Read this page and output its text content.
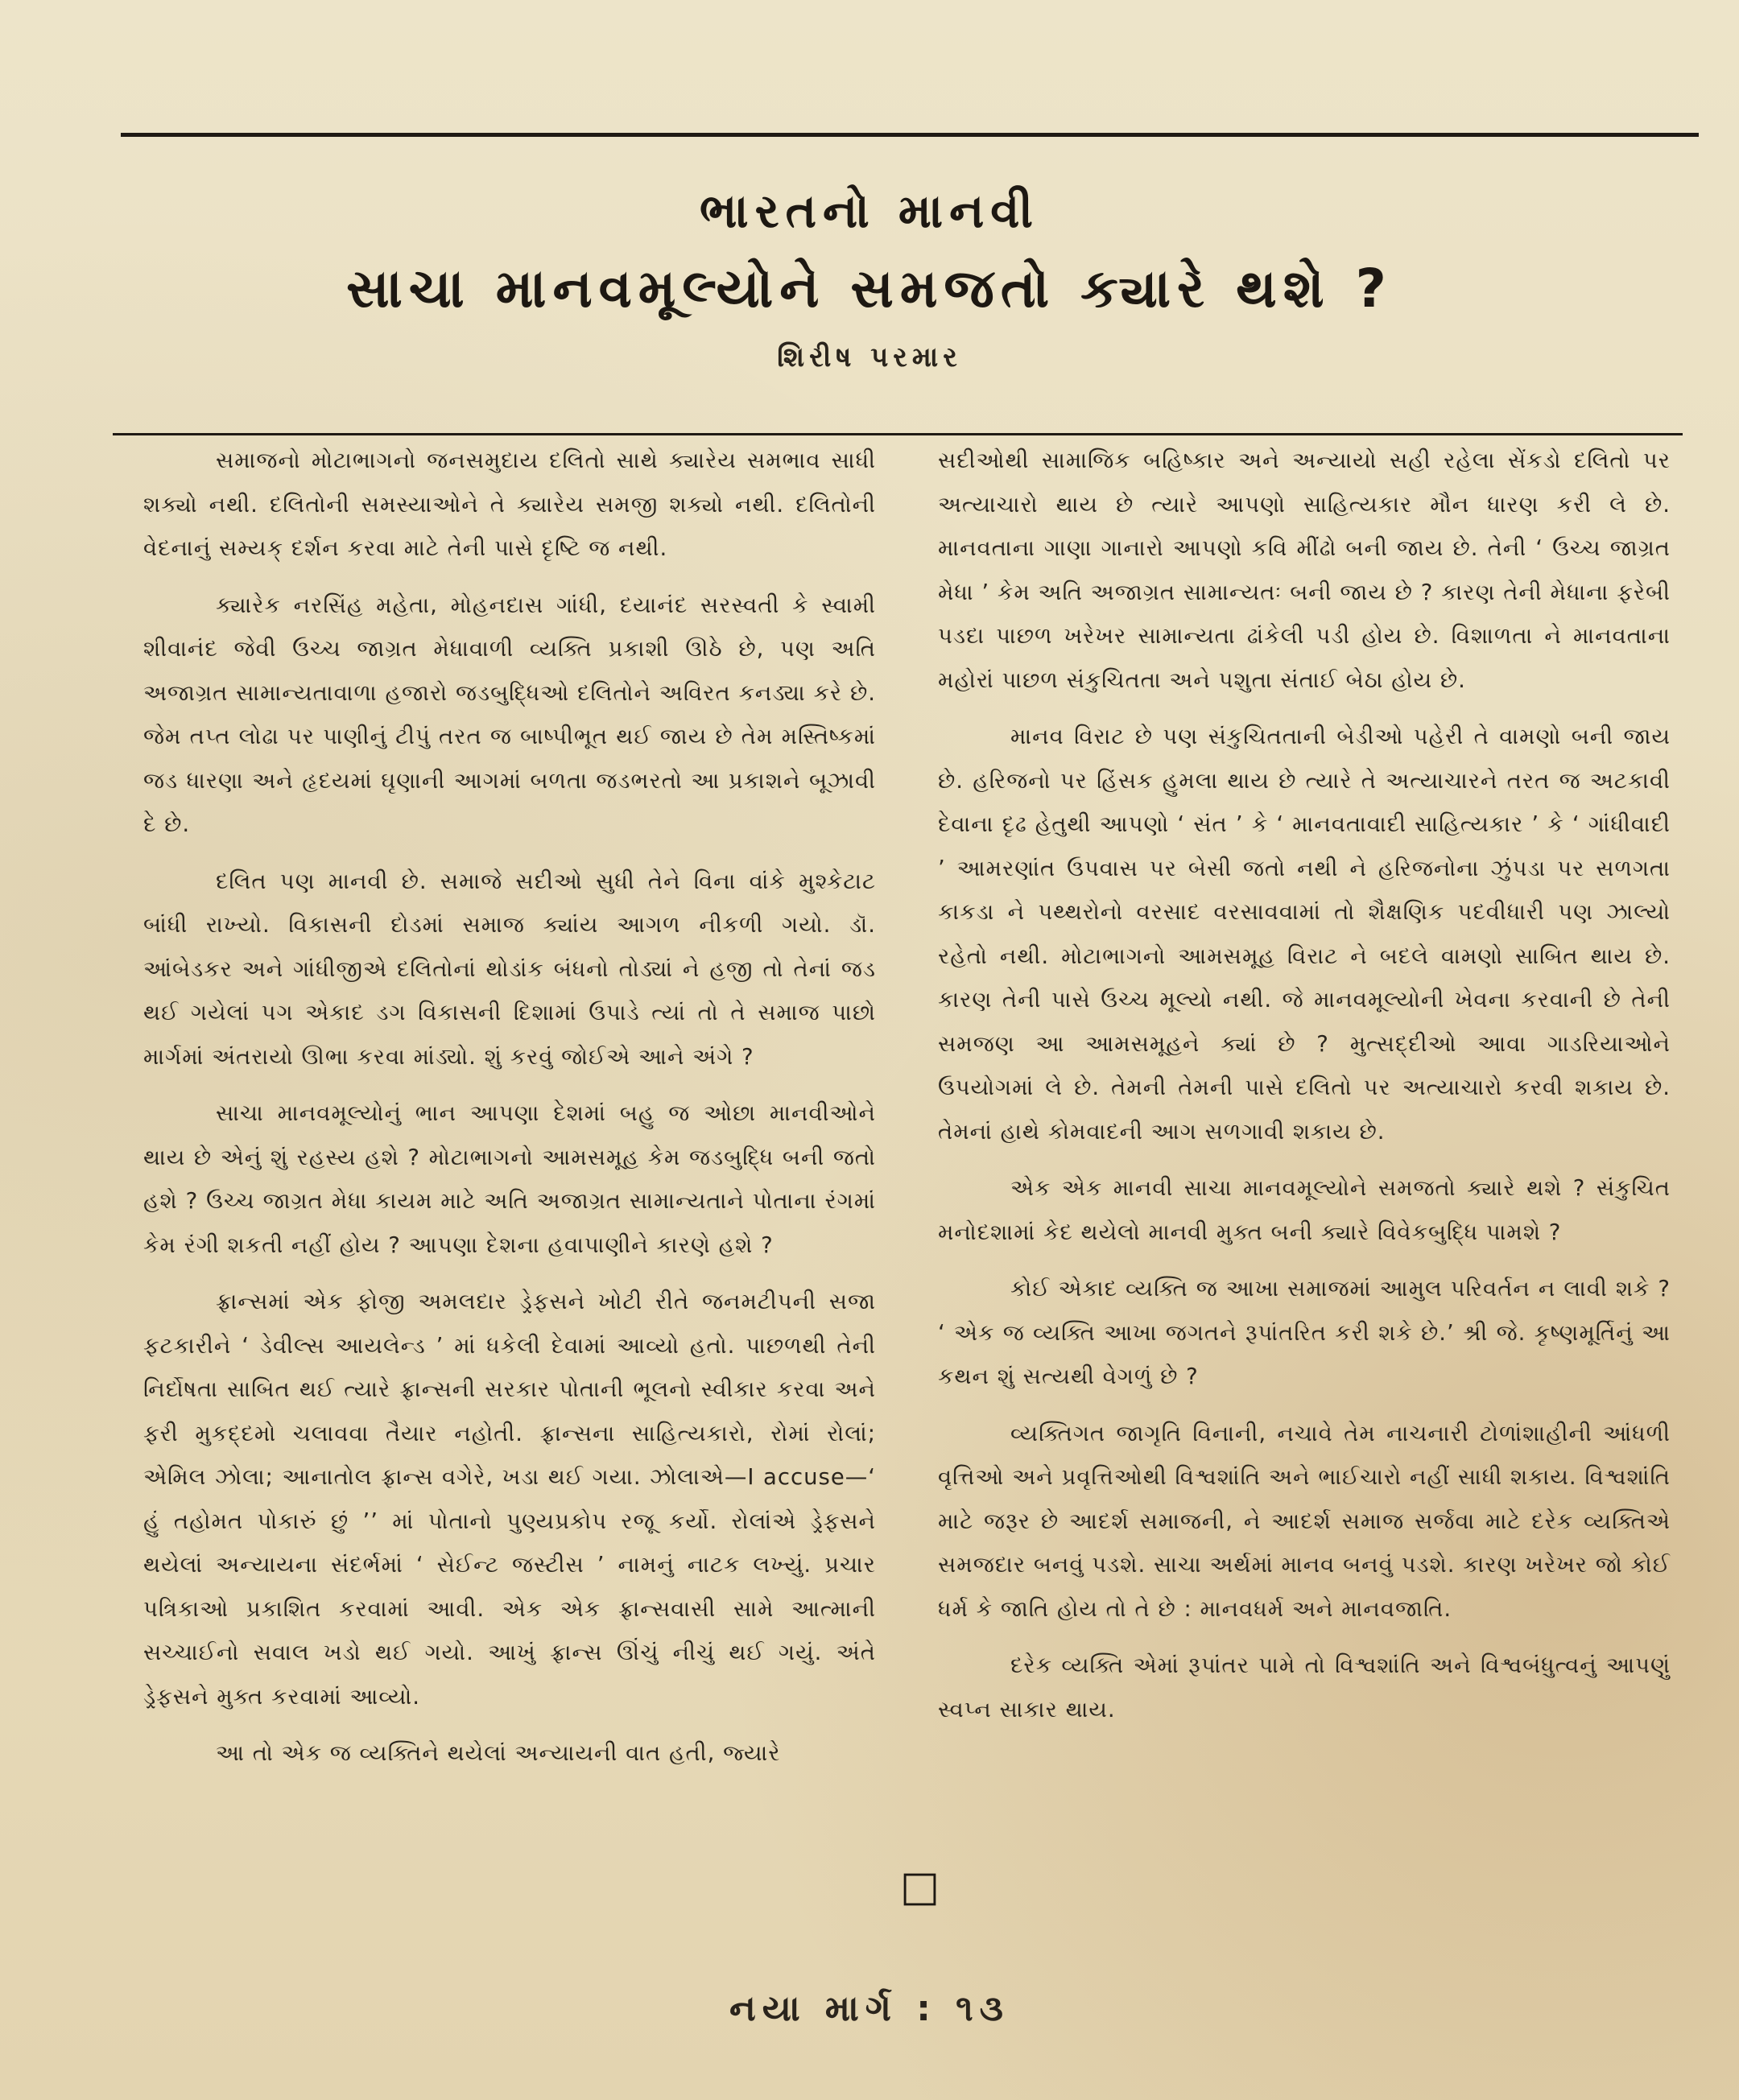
ભારતનો માનવી
સાચા માનવમૂલ્યોને સમજતો ક્યારે થશે ?
શિરીષ પરમાર

સમાજનો મોટાભાગનો જનસમુદાય દલિતો સાથે ક્યારેય સમભાવ સાધી શક્યો નથી. દલિતોની સમસ્યાઓને તે ક્યારેય સમજી શક્યો નથી. દલિતોની વેદનાનું સમ્યક્ દર્શન કરવા માટે તેની પાસે દૃષ્ટિ જ નથી.

ક્યારેક નરસિંહ મહેતા, મોહનદાસ ગાંધી, દયાનંદ સરસ્વતી કે સ્વામી શીવાનંદ જેવી ઉચ્ચ જાગ્રત મેધાવાળી વ્યક્તિ પ્રકાશી ઊઠે છે, પણ અતિ અજાગ્રત સામાન્યતાવાળા હજારો જડબુદ્ધિઓ દલિતોને અવિરત કનડ્યા કરે છે. જેમ તપ્ત લોઢા પર પાણીનું ટીપું તરત જ બાષ્પીભૂત થઈ જાય છે તેમ મસ્તિષ્કમાં જડ ધારણા અને હૃદયમાં ઘૃણાની આગમાં બળતા જડભરતો આ પ્રકાશને બૂઝાવી દે છે.

દલિત પણ માનવી છે. સમાજે સદીઓ સુધી તેને વિના વાંકે મુશ્કેટાટ બાંધી રાખ્યો. વિકાસની દોડમાં સમાજ ક્યાંય આગળ નીકળી ગયો. ડૉ. આંબેડકર અને ગાંધીજીએ દલિતોનાં થોડાંક બંધનો તોડ્યાં ને હજી તો તેનાં જડ થઈ ગયેલાં પગ એકાદ ડગ વિકાસની દિશામાં ઉપાડે ત્યાં તો તે સમાજ પાછો માર્ગમાં અંતરાયો ઊભા કરવા માંડ્યો. શું કરવું જોઈએ આને અંગે ?

સાચા માનવમૂલ્યોનું ભાન આપણા દેશમાં બહુ જ ઓછા માનવીઓને થાય છે એનું શું રહસ્ય હશે ? મોટાભાગનો આમસમૂહ કેમ જડબુદ્ધિ બની જતો હશે ? ઉચ્ચ જાગ્રત મેધા કાયમ માટે અતિ અજાગ્રત સામાન્યતાને પોતાના રંગમાં કેમ રંગી શકતી નહીં હોય ? આપણા દેશના હવાપાણીને કારણે હશે ?

ફ્રાન્સમાં એક ફોજી અમલદાર ડ્રેફસને ખોટી રીતે જનમટીપની સજા ફટકારીને ‘ ડેવીલ્સ આયલેન્ડ ’ માં ધકેલી દેવામાં આવ્યો હતો. પાછળથી તેની નિર્દોષતા સાબિત થઈ ત્યારે ફ્રાન્સની સરકાર પોતાની ભૂલનો સ્વીકાર કરવા અને ફરી મુકદ્દમો ચલાવવા તૈયાર નહોતી. ફ્રાન્સના સાહિત્યકારો, રોમાં રોલાં; એમિલ ઝોલા; આનાતોલ ફ્રાન્સ વગેરે, ખડા થઈ ગયા. ઝોલાએ—I accuse—‘ હું તહોમત પોકારું છું ’’ માં પોતાનો પુણ્યપ્રકોપ રજૂ કર્યો. રોલાંએ ડ્રેફસને થયેલાં અન્યાયના સંદર્ભમાં ‘ સેઈન્ટ જસ્ટીસ ’ નામનું નાટક લખ્યું. પ્રચાર પત્રિકાઓ પ્રકાશિત કરવામાં આવી. એક એક ફ્રાન્સવાસી સામે આત્માની સચ્ચાઈનો સવાલ ખડો થઈ ગયો. આખું ફ્રાન્સ ઊંચું નીચું થઈ ગયું. અંતે ડ્રેફસને મુક્ત કરવામાં આવ્યો.

આ તો એક જ વ્યક્તિને થયેલાં અન્યાયની વાત હતી, જ્યારે

સદીઓથી સામાજિક બહિષ્કાર અને અન્યાયો સહી રહેલા સેંકડો દલિતો પર અત્યાચારો થાય છે ત્યારે આપણો સાહિત્યકાર મૌન ધારણ કરી લે છે. માનવતાના ગાણા ગાનારો આપણો કવિ મીંઢો બની જાય છે. તેની ‘ ઉચ્ચ જાગ્રત મેધા ’ કેમ અતિ અજાગ્રત સામાન્યતઃ બની જાય છે ? કારણ તેની મેધાના ફરેબી પડદા પાછળ ખરેખર સામાન્યતા ઢાંકેલી પડી હોય છે. વિશાળતા ને માનવતાના મહોરાં પાછળ સંકુચિતતા અને પશુતા સંતાઈ બેઠા હોય છે.

માનવ વિરાટ છે પણ સંકુચિતતાની બેડીઓ પહેરી તે વામણો બની જાય છે. હરિજનો પર હિંસક હુમલા થાય છે ત્યારે તે અત્યાચારને તરત જ અટકાવી દેવાના દૃઢ હેતુથી આપણો ‘ સંત ’ કે ‘ માનવતાવાદી સાહિત્યકાર ’ કે ‘ ગાંધીવાદી ’ આમરણાંત ઉપવાસ પર બેસી જતો નથી ને હરિજનોના ઝુંપડા પર સળગતા કાકડા ને પથ્થરોનો વરસાદ વરસાવવામાં તો શૈક્ષણિક પદવીધારી પણ ઝાલ્યો રહેતો નથી. મોટાભાગનો આમસમૂહ વિરાટ ને બદલે વામણો સાબિત થાય છે. કારણ તેની પાસે ઉચ્ચ મૂલ્યો નથી. જે માનવમૂલ્યોની ખેવના કરવાની છે તેની સમજણ આ આમસમૂહને ક્યાં છે ? મુત્સદ્દીઓ આવા ગાડરિયાઓને ઉપયોગમાં લે છે. તેમની તેમની પાસે દલિતો પર અત્યાચારો કરવી શકાય છે. તેમનાં હાથે કોમવાદની આગ સળગાવી શકાય છે.

એક એક માનવી સાચા માનવમૂલ્યોને સમજતો ક્યારે થશે ? સંકુચિત મનોદશામાં કેદ થયેલો માનવી મુક્ત બની ક્યારે વિવેકબુદ્ધિ પામશે ?

કોઈ એકાદ વ્યક્તિ જ આખા સમાજમાં આમુલ પરિવર્તન ન લાવી શકે ? ‘ એક જ વ્યક્તિ આખા જગતને રૂપાંતરિત કરી શકે છે.’ શ્રી જે. કૃષ્ણમૂર્તિનું આ કથન શું સત્યથી વેગળું છે ?

વ્યક્તિગત જાગૃતિ વિનાની, નચાવે તેમ નાચનારી ટોળાંશાહીની આંધળી વૃત્તિઓ અને પ્રવૃત્તિઓથી વિશ્વશાંતિ અને ભાઈચારો નહીં સાધી શકાય. વિશ્વશાંતિ માટે જરૂર છે આદર્શ સમાજની, ને આદર્શ સમાજ સર્જવા માટે દરેક વ્યક્તિએ સમજદાર બનવું પડશે. સાચા અર્થમાં માનવ બનવું પડશે. કારણ ખરેખર જો કોઈ ધર્મ કે જાતિ હોય તો તે છે : માનવધર્મ અને માનવજાતિ.

દરેક વ્યક્તિ એમાં રૂપાંતર પામે તો વિશ્વશાંતિ અને વિશ્વબંધુત્વનું આપણું સ્વપ્ન સાકાર થાય.

□
નયા માર્ગ : ૧૩
